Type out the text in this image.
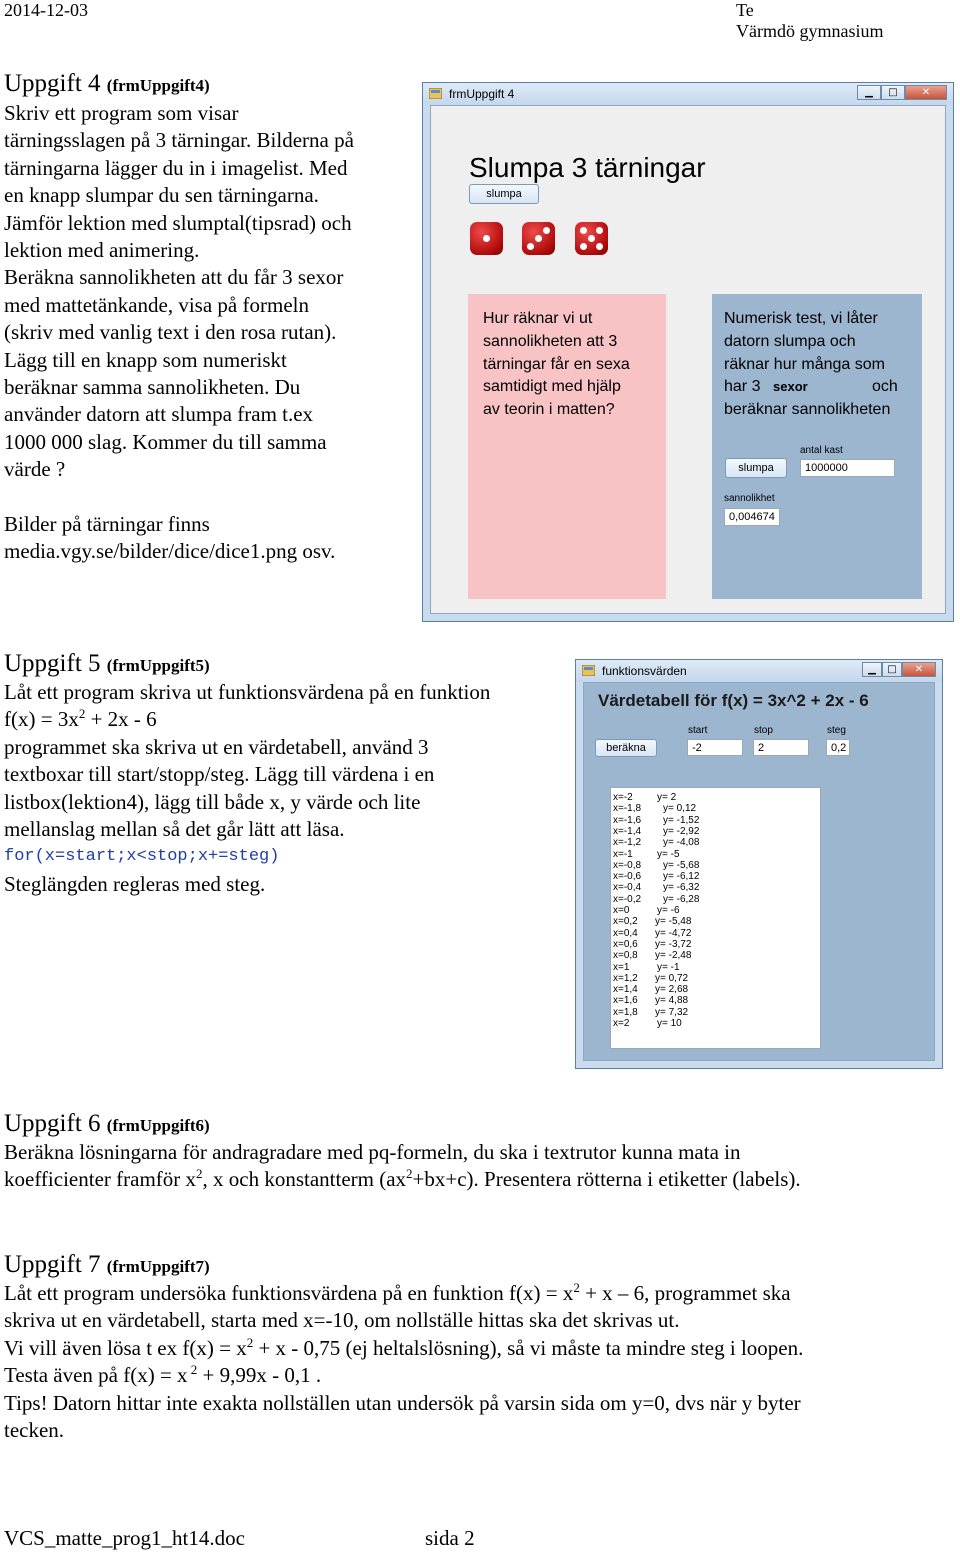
2014-12-03	Te
Värmdö gymnasium
Uppgift 4 (frmUppgift4)

Skriv ett program som visar

tärningsslagen på 3 tärningar. Bilderna på

tärningarna lägger du in i imagelist. Med

en knapp slumpar du sen tärningarna.

Jämför lektion med slumptal(tipsrad) och

lektion med animering.

Beräkna sannolikheten att du får 3 sexor

med mattetänkande, visa på formeln

(skriv med vanlig text i den rosa rutan).

Lägg till en knapp som numeriskt

beräknar samma sannolikheten. Du

använder datorn att slumpa fram t.ex

1000 000 slag. Kommer du till samma

värde ?

Bilder på tärningar finns

media.vgy.se/bilder/dice/dice1.png osv.

frmUppgift 4	▁	□	✕
Slumpa 3 tärningar
slumpa
Hur räknar vi ut
sannolikheten att 3
tärningar får en sexa
samtidigt med hjälp
av teorin i matten?
Numerisk test, vi låter
datorn slumpa och
räknar hur många som
har 3 sexor	och
beräknar sannolikheten
antal kast
slumpa	1000000
sannolikhet
0,004674
Uppgift 5 (frmUppgift5)

Låt ett program skriva ut funktionsvärdena på en funktion

$f(x) = 3x^2 + 2x - 6$

programmet ska skriva ut en värdetabell, använd 3

textboxar till start/stopp/steg. Lägg till värdena i en

listbox(lektion4), lägg till både x, y värde och lite

mellanslag mellan så det går lätt att läsa.

for(x=start;x<stop;x+=steg)

Steglängden regleras med steg.

funktionsvärden	▁	□	✕
Värdetabell för f(x) = 3x^2 + 2x - 6
start	stop	steg
beräkna	-2	2	0,2
x=-2 y= 2
x=-1,8 y= 0,12
x=-1,6 y= -1,52
x=-1,4 y= -2,92
x=-1,2 y= -4,08
x=-1 y= -5
x=-0,8 y= -5,68
x=-0,6 y= -6,12
x=-0,4 y= -6,32
x=-0,2 y= -6,28
x=0	y= -6
x=0,2 y= -5,48
x=0,4 y= -4,72
x=0,6 y= -3,72
x=0,8 y= -2,48
x=1	y= -1
x=1,2 y= 0,72
x=1,4 y= 2,68
x=1,6 y= 4,88
x=1,8 y= 7,32
x=2	y= 10
Uppgift 6 (frmUppgift6)

Beräkna lösningarna för andragradare med pq-formeln, du ska i textrutor kunna mata in

koefficienter framför $x^2$, x och konstantterm $(ax^2+bx+c)$. Presentera rötterna i etiketter (labels).

Uppgift 7 (frmUppgift7)

Låt ett program undersöka funktionsvärdena på en funktion $f(x) = x^2 + x - 6$, programmet ska

skriva ut en värdetabell, starta med x=-10, om nollställe hittas ska det skrivas ut.

Vi vill även lösa t ex $f(x) = x^2 + x - 0,75$ (ej heltalslösning), så vi måste ta mindre steg i loopen.

Testa även på f(x) = x $^2$ + 9,99x - 0,1 .

Tips! Datorn hittar inte exakta nollställen utan undersök på varsin sida om y=0, dvs när y byter

tecken.

VCS_matte_prog1_ht14.doc	sida 2
